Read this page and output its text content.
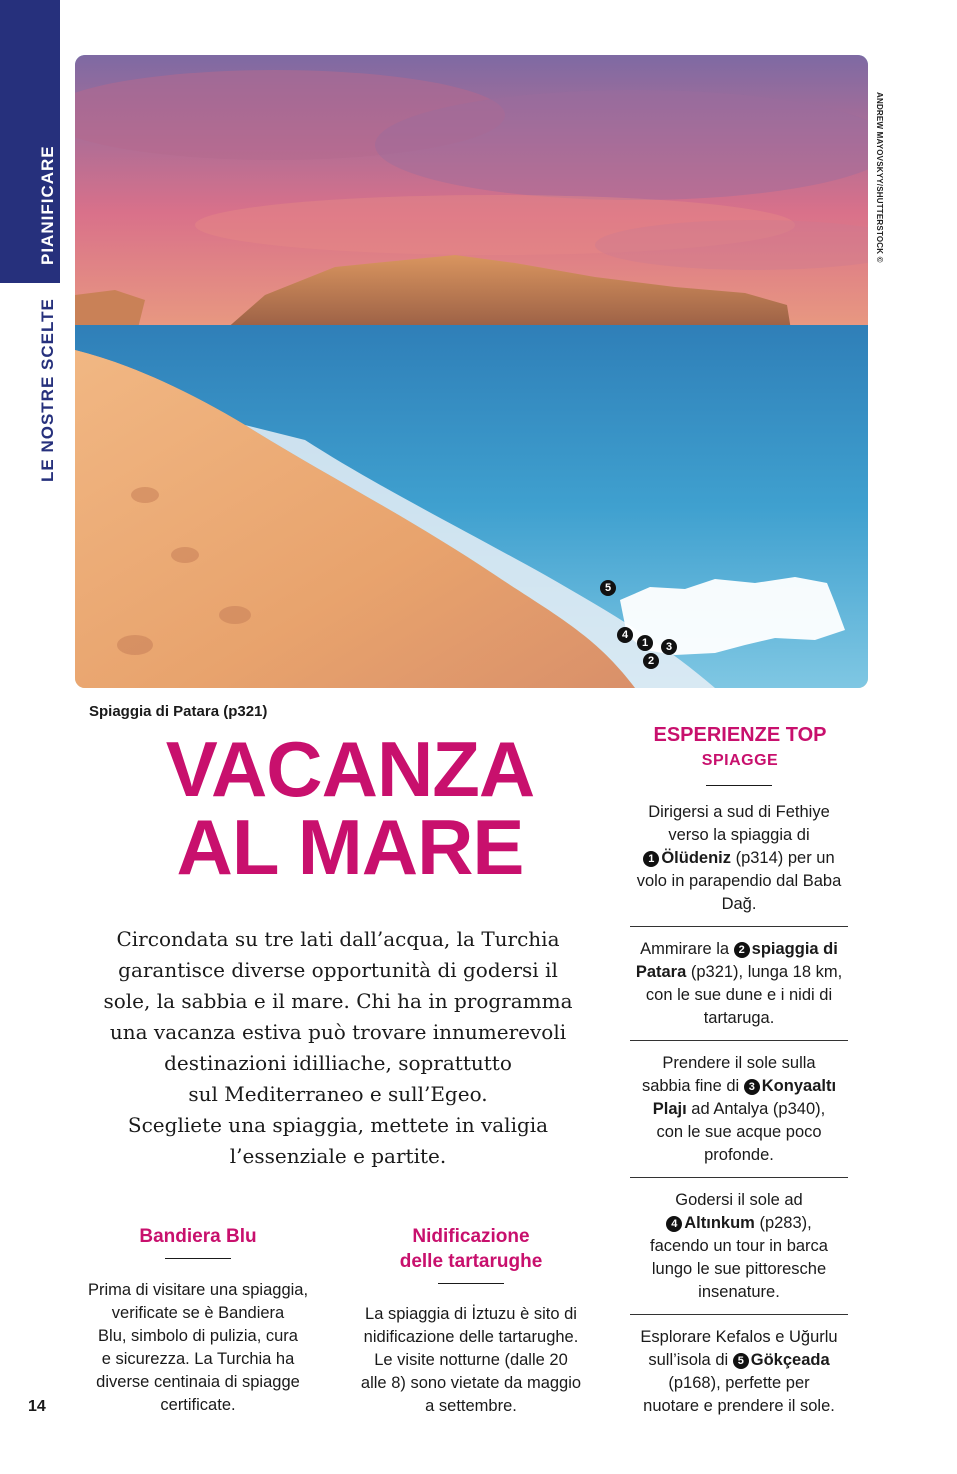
PIANIFICARE
LE NOSTRE SCELTE
5
4
1	3
2
ANDREW MAYOVSKYY/SHUTTERSTOCK ©
Spiaggia di Patara (p321)
VACANZA
AL MARE
Circondata su tre lati dall’acqua, la Turchia
garantisce diverse opportunità di godersi il
sole, la sabbia e il mare. Chi ha in programma
una vacanza estiva può trovare innumerevoli
destinazioni idilliache, soprattutto
sul Mediterraneo e sull’Egeo.
Scegliete una spiaggia, mettete in valigia
l’essenziale e partite.
Bandiera Blu
Prima di visitare una spiaggia,
verificate se è Bandiera
Blu, simbolo di pulizia, cura
e sicurezza. La Turchia ha
diverse centinaia di spiagge
certificate.
Nidificazione
delle tartarughe
La spiaggia di İztuzu è sito di
nidificazione delle tartarughe.
Le visite notturne (dalle 20
alle 8) sono vietate da maggio
a settembre.
ESPERIENZE TOP
SPIAGGE
Dirigersi a sud di Fethiye
verso la spiaggia di
1 Ölüdeniz (p314) per un
volo in parapendio dal Baba
Dağ.
Ammirare la 2 spiaggia di
Patara (p321), lunga 18 km,
con le sue dune e i nidi di
tartaruga.
Prendere il sole sulla
sabbia fine di 3 Konyaaltı
Plajı ad Antalya (p340),
con le sue acque poco
profonde.
Godersi il sole ad
4 Altınkum (p283),
facendo un tour in barca
lungo le sue pittoresche
insenature.
Esplorare Kefalos e Uğurlu
sull’isola di 5 Gökçeada
(p168), perfette per
nuotare e prendere il sole.
14
